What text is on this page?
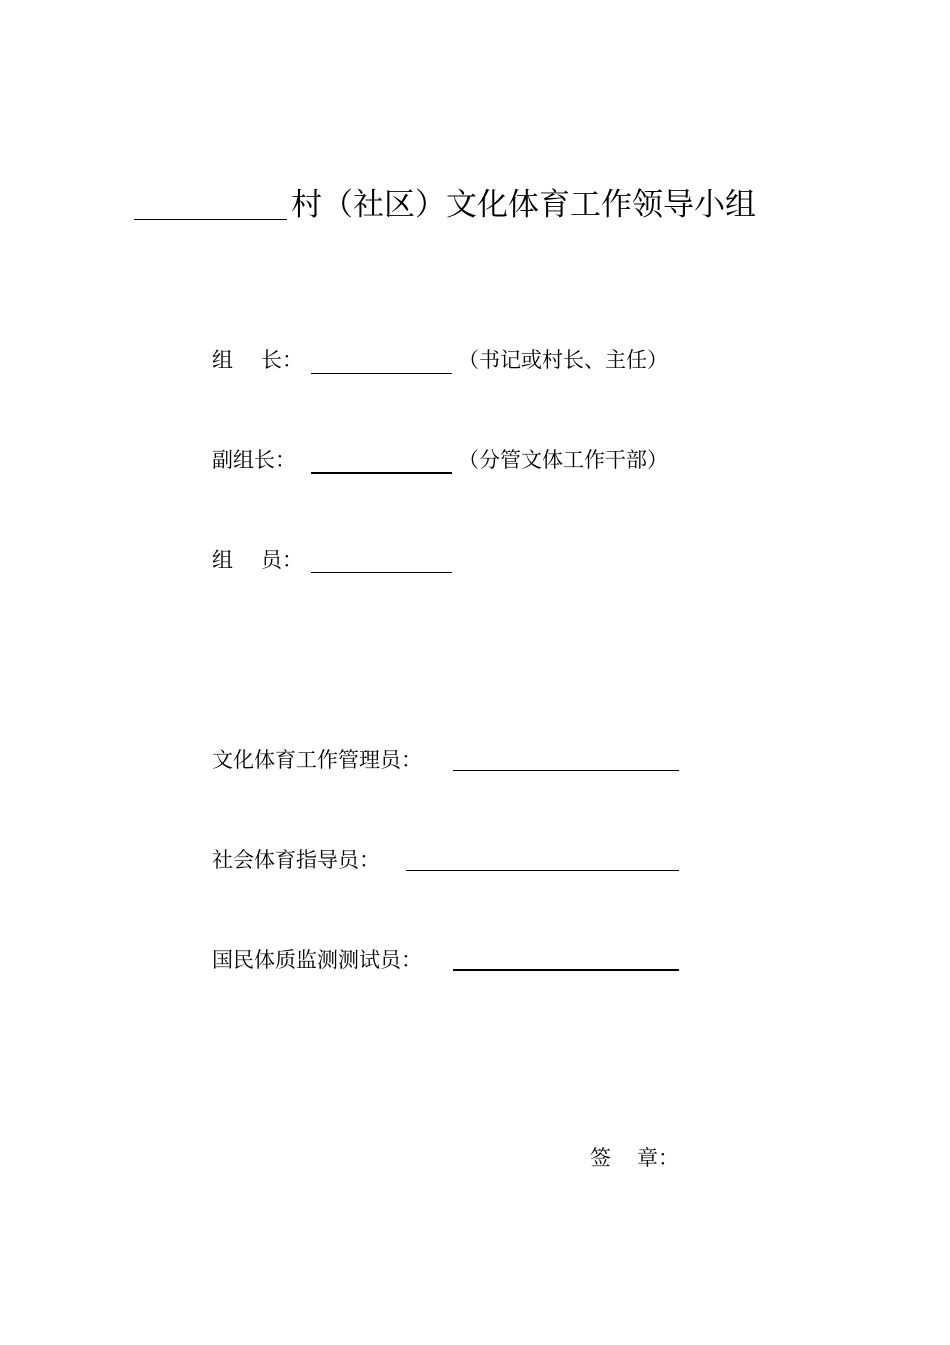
村（社区）文化体育工作领导小组
组 长：	（书记或村长、主任）
副组长：	（分管文体工作干部）
组 员：
文化体育工作管理员：
社会体育指导员：
国民体质监测测试员：
签 章：
